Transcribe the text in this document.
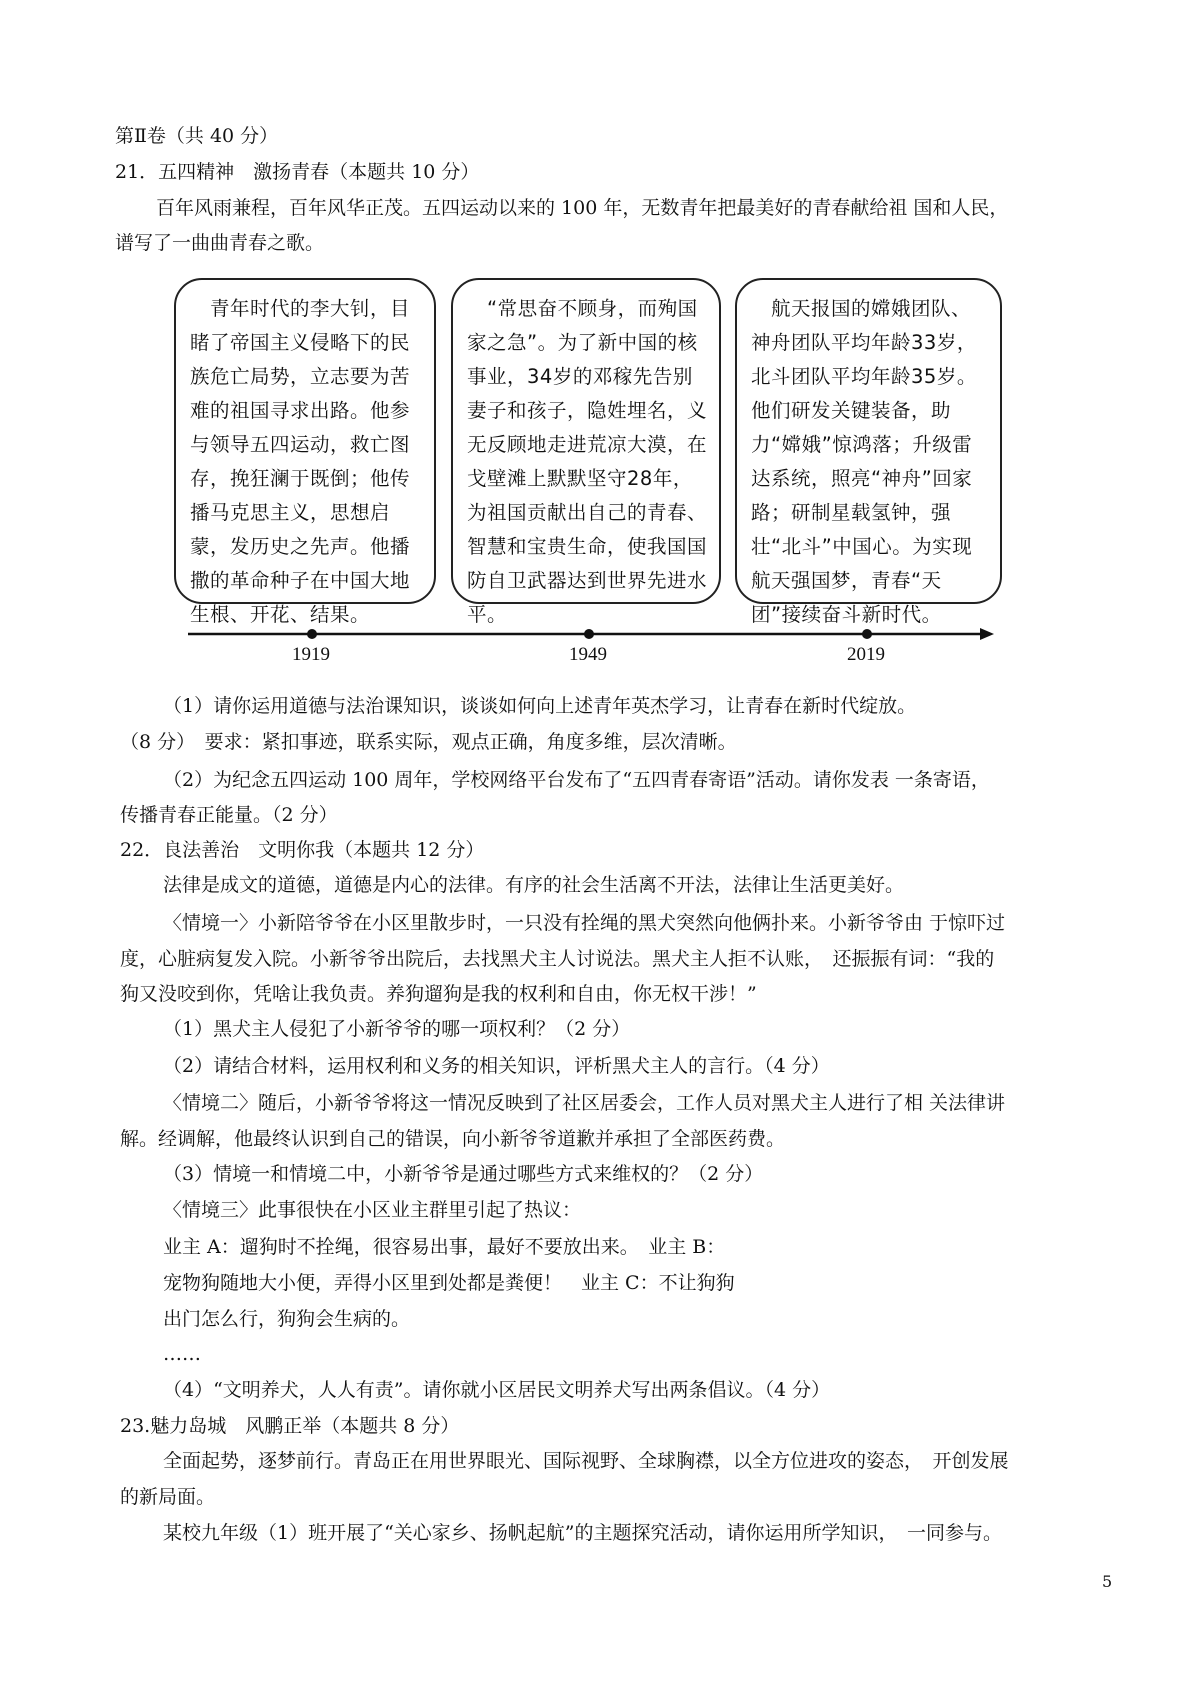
第Ⅱ卷（共 40 分）
21．五四精神　激扬青春（本题共 10 分）
百年风雨兼程，百年风华正茂。五四运动以来的 100 年，无数青年把最美好的青春献给祖 国和人民，
谱写了一曲曲青春之歌。
　青年时代的李大钊，目睹了帝国主义侵略下的民族危亡局势，立志要为苦难的祖国寻求出路。他参与领导五四运动，救亡图存，挽狂澜于既倒；他传播马克思主义，思想启蒙，发历史之先声。他播撒的革命种子在中国大地生根、开花、结果。
　“常思奋不顾身，而殉国家之急”。为了新中国的核事业，34岁的邓稼先告别妻子和孩子，隐姓埋名，义无反顾地走进荒凉大漠，在戈壁滩上默默坚守28年，为祖国贡献出自己的青春、智慧和宝贵生命，使我国国防自卫武器达到世界先进水平。
　航天报国的嫦娥团队、神舟团队平均年龄33岁，北斗团队平均年龄35岁。他们研发关键装备，助力“嫦娥”惊鸿落；升级雷达系统，照亮“神舟”回家路；研制星载氢钟，强壮“北斗”中国心。为实现航天强国梦，青春“天团”接续奋斗新时代。
1919	1949	2019
（1）请你运用道德与法治课知识，谈谈如何向上述青年英杰学习，让青春在新时代绽放。
（8 分）　要求：紧扣事迹，联系实际，观点正确，角度多维，层次清晰。
（2）为纪念五四运动 100 周年，学校网络平台发布了“五四青春寄语”活动。请你发表 一条寄语，
传播青春正能量。（2 分）
22．良法善治　文明你我（本题共 12 分）
法律是成文的道德，道德是内心的法律。有序的社会生活离不开法，法律让生活更美好。
〈情境一〉小新陪爷爷在小区里散步时，一只没有拴绳的黑犬突然向他俩扑来。小新爷爷由 于惊吓过
度，心脏病复发入院。小新爷爷出院后，去找黑犬主人讨说法。黑犬主人拒不认账，　还振振有词：“我的
狗又没咬到你，凭啥让我负责。养狗遛狗是我的权利和自由，你无权干涉！”
（1）黑犬主人侵犯了小新爷爷的哪一项权利？（2 分）
（2）请结合材料，运用权利和义务的相关知识，评析黑犬主人的言行。（4 分）
〈情境二〉随后，小新爷爷将这一情况反映到了社区居委会，工作人员对黑犬主人进行了相 关法律讲
解。经调解，他最终认识到自己的错误，向小新爷爷道歉并承担了全部医药费。
（3）情境一和情境二中，小新爷爷是通过哪些方式来维权的？（2 分）
〈情境三〉此事很快在小区业主群里引起了热议：
业主 A：遛狗时不拴绳，很容易出事，最好不要放出来。　业主 B：
宠物狗随地大小便，弄得小区里到处都是粪便！　业主 C：不让狗狗
出门怎么行，狗狗会生病的。
……
（4）“文明养犬，人人有责”。请你就小区居民文明养犬写出两条倡议。（4 分）
23.魅力岛城　风鹏正举（本题共 8 分）
全面起势，逐梦前行。青岛正在用世界眼光、国际视野、全球胸襟，以全方位进攻的姿态，　开创发展
的新局面。
某校九年级（1）班开展了“关心家乡、扬帆起航”的主题探究活动，请你运用所学知识，　一同参与。
5
